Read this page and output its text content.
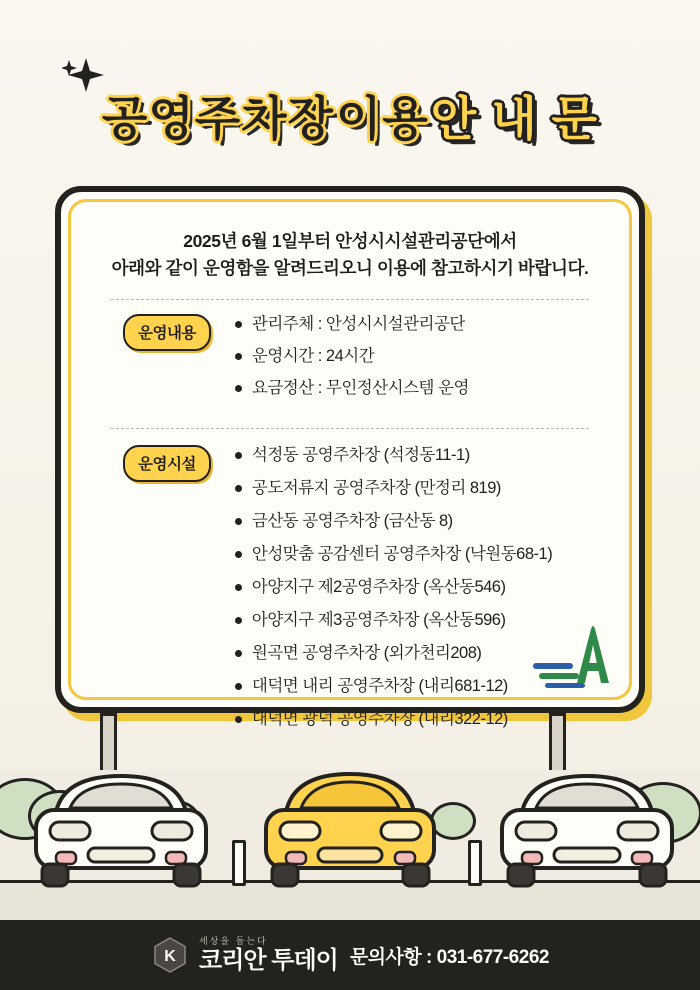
공영주차장이용안 내 문
2025년 6월 1일부터 안성시시설관리공단에서
아래와 같이 운영함을 알려드리오니 이용에 참고하시기 바랍니다.
운영내용
관리주체 : 안성시시설관리공단
운영시간 : 24시간
요금정산 : 무인정산시스템 운영
운영시설
석정동 공영주차장 (석정동11-1)
공도저류지 공영주차장 (만정리 819)
금산동 공영주차장 (금산동 8)
안성맞춤 공감센터 공영주차장 (낙원동68-1)
아양지구 제2공영주차장 (옥산동546)
아양지구 제3공영주차장 (옥산동596)
원곡면 공영주차장 (외가천리208)
대덕면 내리 공영주차장 (내리681-12)
대덕면 광덕 공영주차장 (내리322-12)
K
세상을 돕는다
코리안 투데이 문의사항 : 031-677-6262
